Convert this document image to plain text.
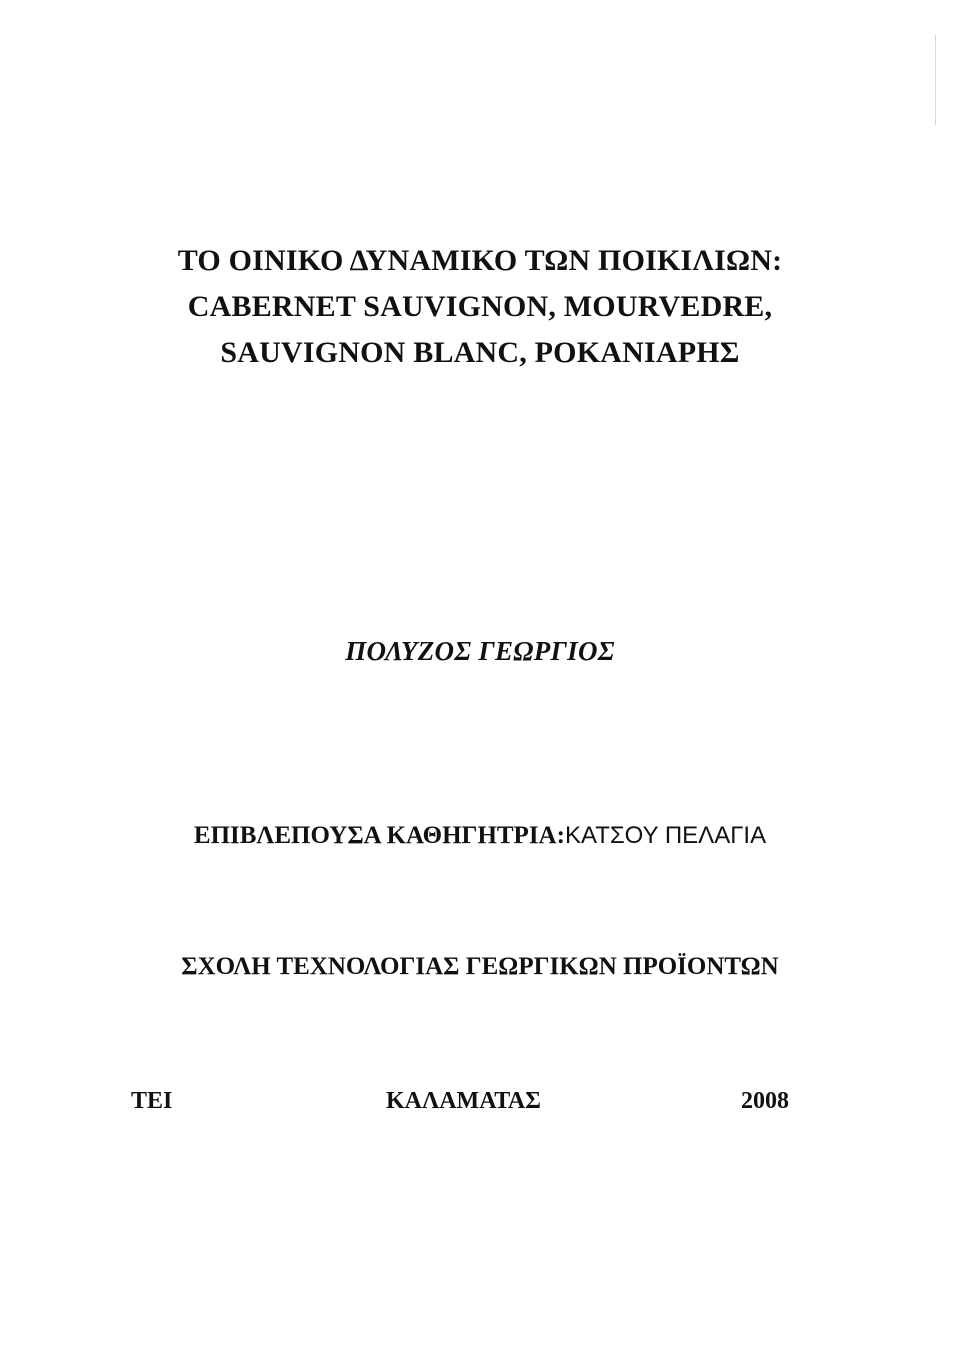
ΤΟ ΟΙΝΙΚΟ ΔΥΝΑΜΙΚΟ ΤΩΝ ΠΟΙΚΙΛΙΩΝ:
CABERNET SAUVIGNON, MOURVEDRE,
SAUVIGNON BLANC, ΡΟΚΑΝΙΑΡΗΣ
ΠΟΛΥΖΟΣ ΓΕΩΡΓΙΟΣ
ΕΠΙΒΛΕΠΟΥΣΑ ΚΑΘΗΓΗΤΡΙΑ:ΚΑΤΣΟΥ ΠΕΛΑΓΙΑ
ΣΧΟΛΗ ΤΕΧΝΟΛΟΓΙΑΣ ΓΕΩΡΓΙΚΩΝ ΠΡΟΪΟΝΤΩΝ
ΤΕΙ	ΚΑΛΑΜΑΤΑΣ	2008
